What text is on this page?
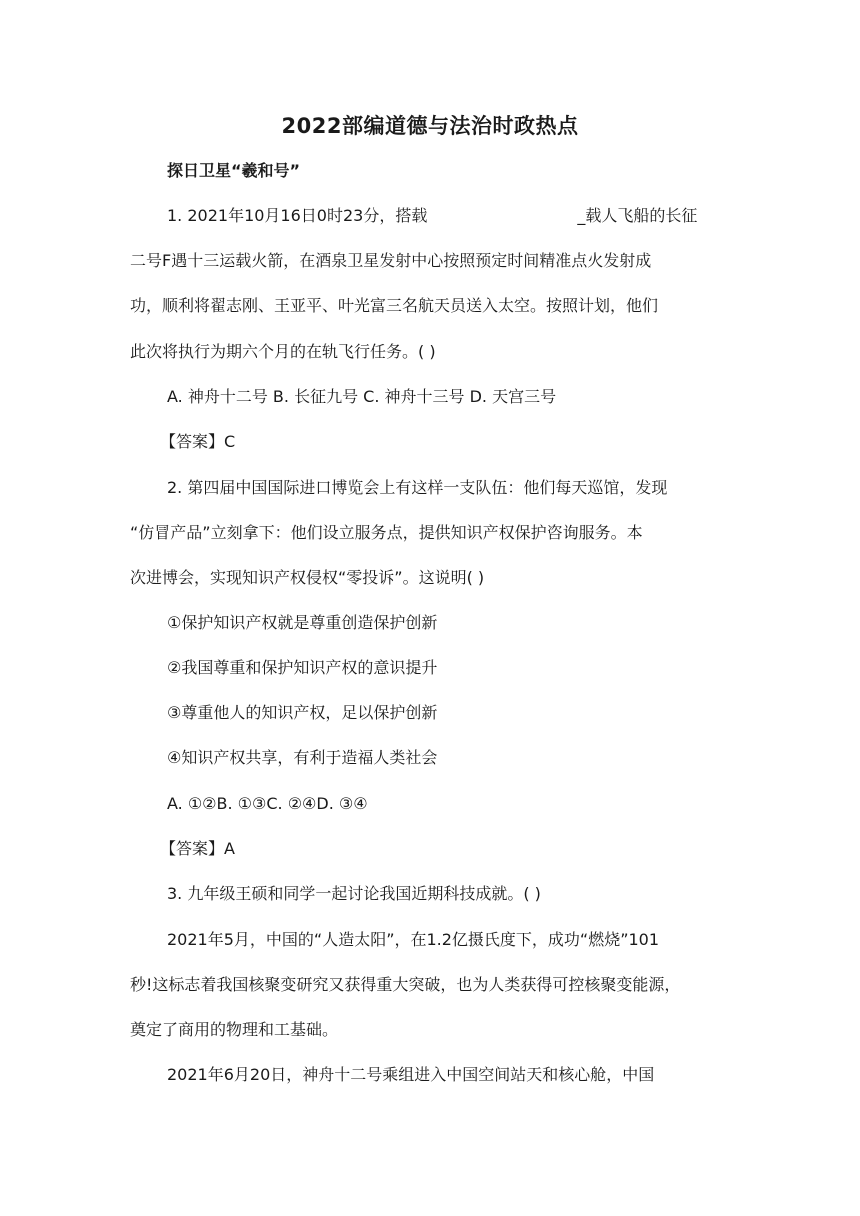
2022部编道德与法治时政热点
探日卫星“羲和号”
1. 2021年10月16日0时23分，搭载	_载人飞船的长征
二号F遇十三运载火箭，在酒泉卫星发射中心按照预定时间精准点火发射成
功，顺利将翟志刚、王亚平、叶光富三名航天员送入太空。按照计划，他们
此次将执行为期六个月的在轨飞行任务。( )
A. 神舟十二号 B. 长征九号 C. 神舟十三号 D. 天宫三号
【答案】C
2. 第四届中国国际进口博览会上有这样一支队伍：他们每天巡馆，发现
“仿冒产品”立刻拿下：他们设立服务点，提供知识产权保护咨询服务。本
次进博会，实现知识产权侵权“零投诉”。这说明( )
①保护知识产权就是尊重创造保护创新
②我国尊重和保护知识产权的意识提升
③尊重他人的知识产权，足以保护创新
④知识产权共享，有利于造福人类社会
A. ①②B. ①③C. ②④D. ③④
【答案】A
3. 九年级王硕和同学一起讨论我国近期科技成就。( )
2021年5月，中国的“人造太阳”，在1.2亿摄氏度下，成功“燃烧”101
秒!这标志着我国核聚变研究又获得重大突破，也为人类获得可控核聚变能源，
奠定了商用的物理和工基础。
2021年6月20日，神舟十二号乘组进入中国空间站天和核心舱，中国
